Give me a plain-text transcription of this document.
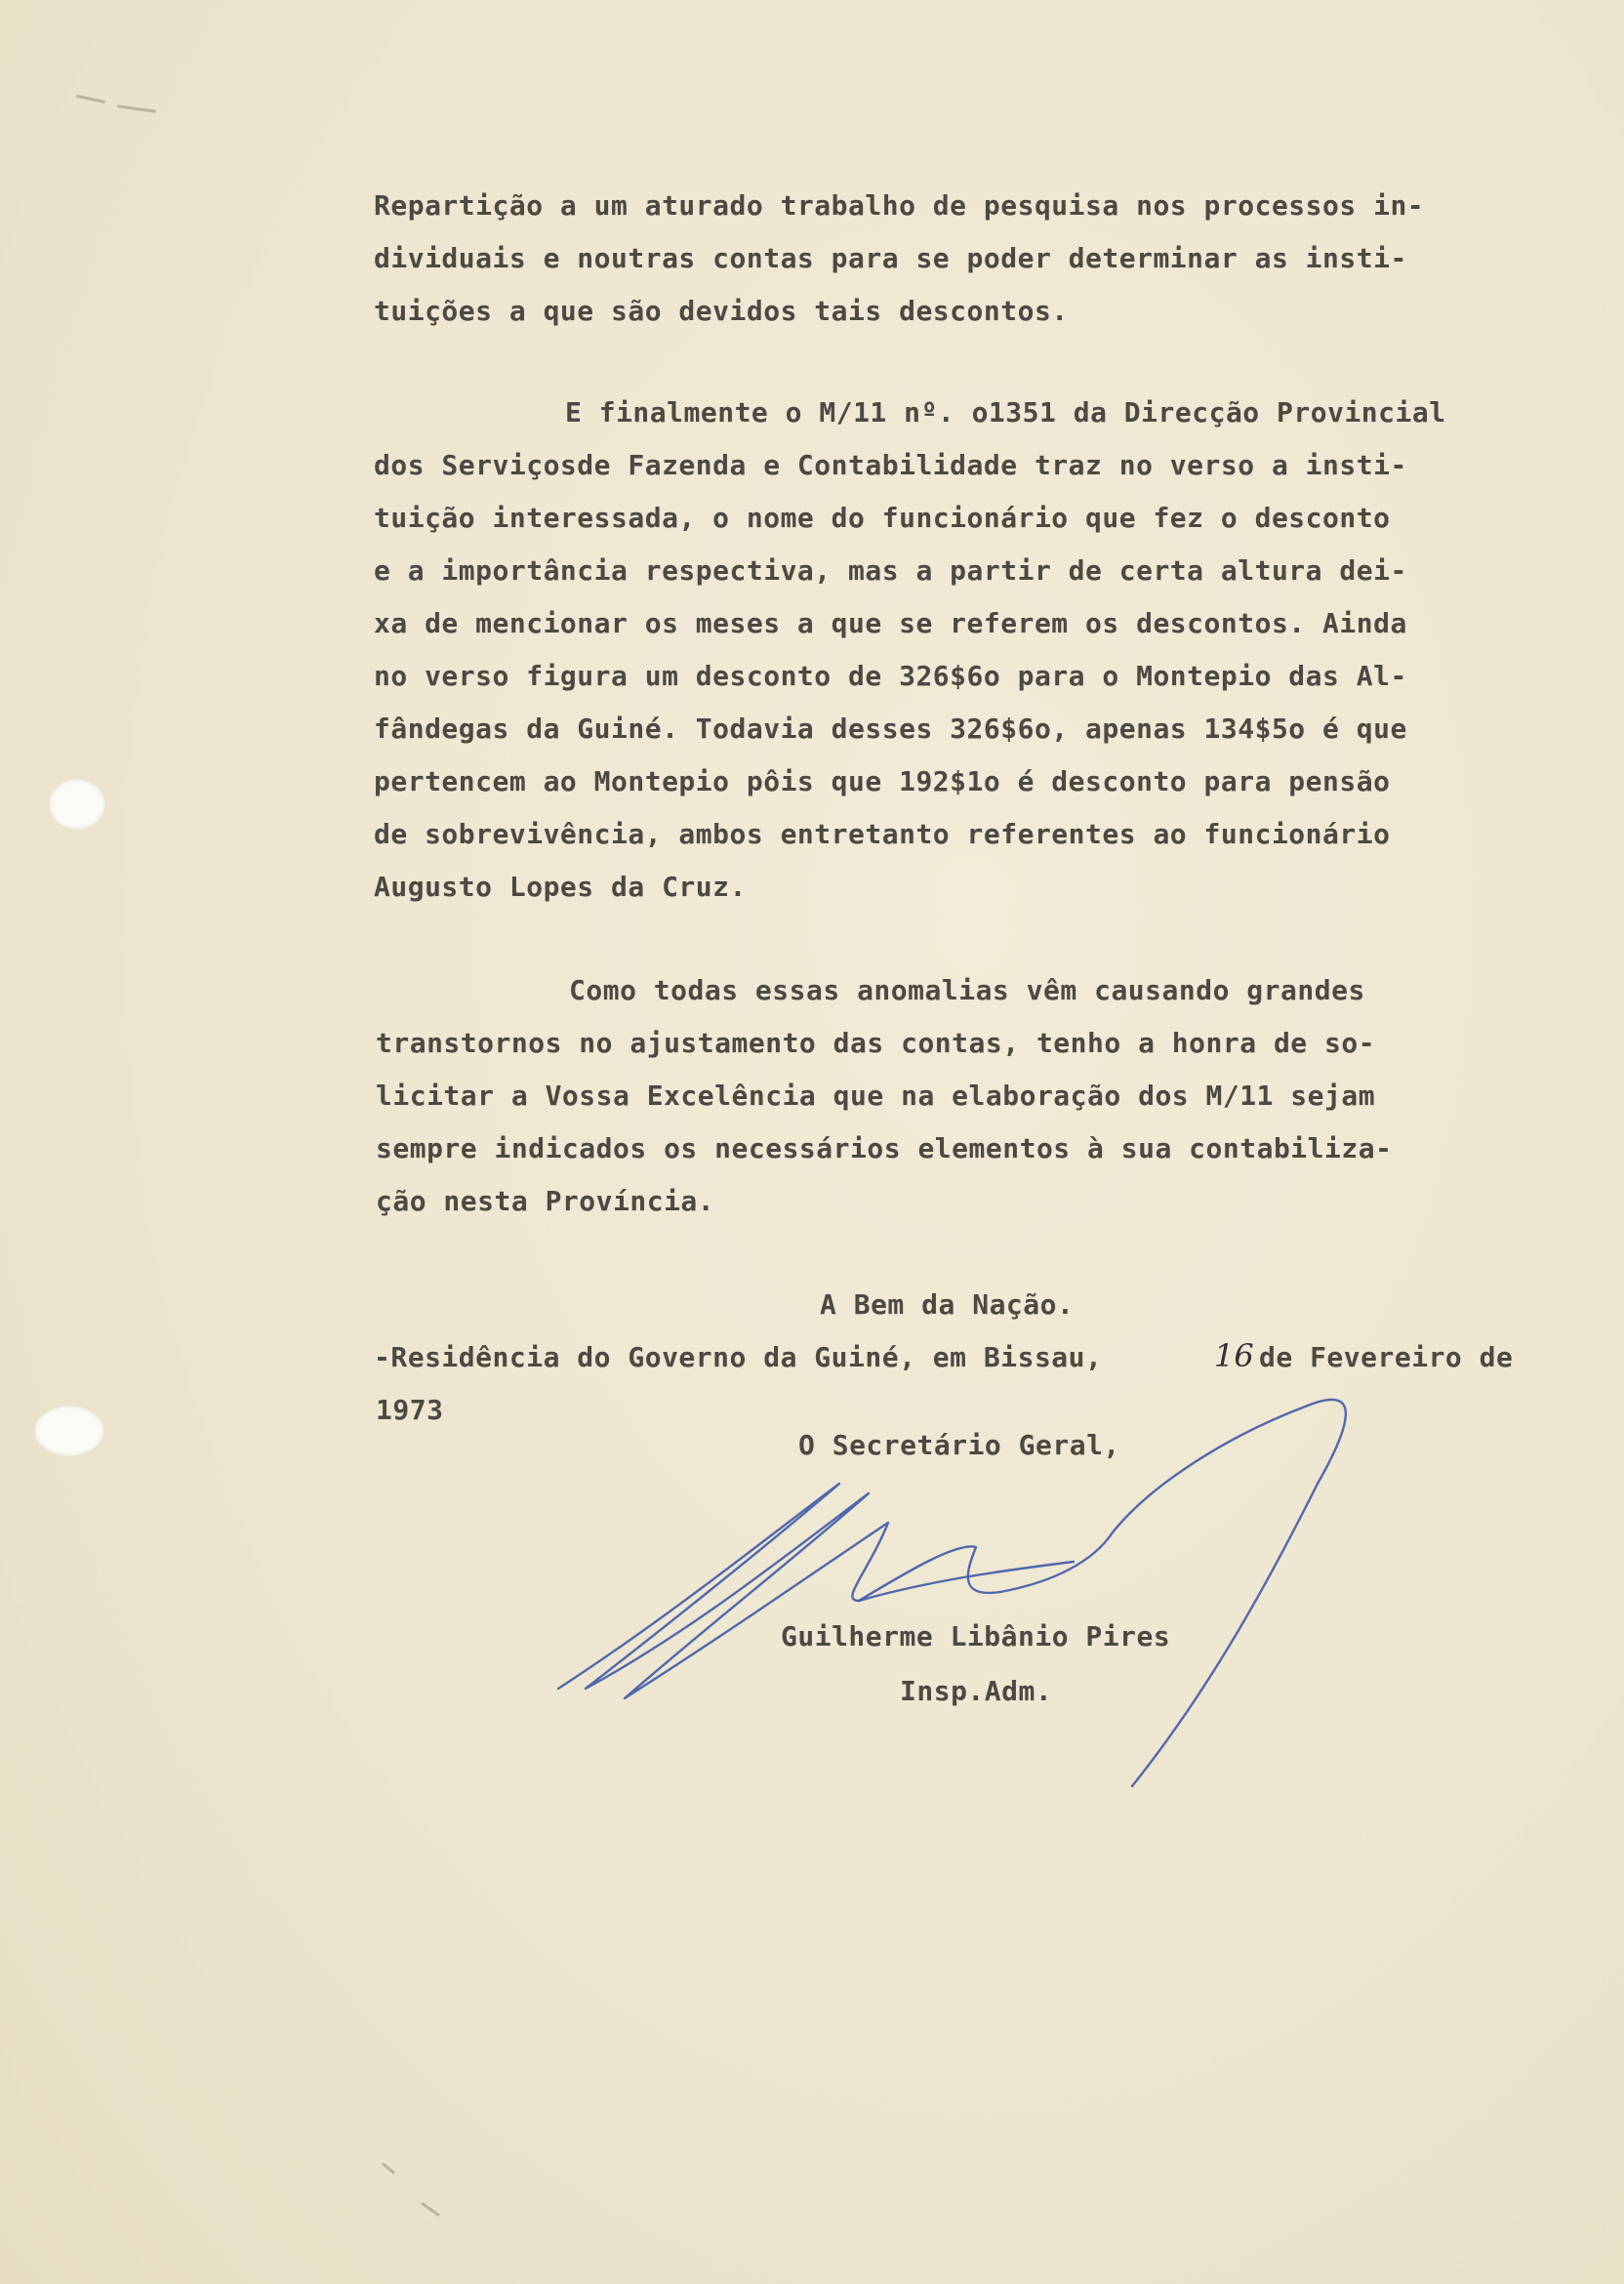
Repartição a um aturado trabalho de pesquisa nos processos in-

dividuais e noutras contas para se poder determinar as insti-

tuições a que são devidos tais descontos.

E finalmente o M/11 nº. o1351 da Direcção Provincial

dos Serviçosde Fazenda e Contabilidade traz no verso a insti-

tuição interessada, o nome do funcionário que fez o desconto

e a importância respectiva, mas a partir de certa altura dei-

xa de mencionar os meses a que se referem os descontos. Ainda

no verso figura um desconto de 326$6o para o Montepio das Al-

fândegas da Guiné. Todavia desses 326$6o, apenas 134$5o é que

pertencem ao Montepio pôis que 192$1o é desconto para pensão

de sobrevivência, ambos entretanto referentes ao funcionário

Augusto Lopes da Cruz.

Como todas essas anomalias vêm causando grandes

transtornos no ajustamento das contas, tenho a honra de so-

licitar a Vossa Excelência que na elaboração dos M/11 sejam

sempre indicados os necessários elementos à sua contabiliza-

ção nesta Província.

A Bem da Nação.

-Residência do Governo da Guiné, em Bissau,	16 de Fevereiro de

1973

O Secretário Geral,

Guilherme Libânio Pires

Insp.Adm.
